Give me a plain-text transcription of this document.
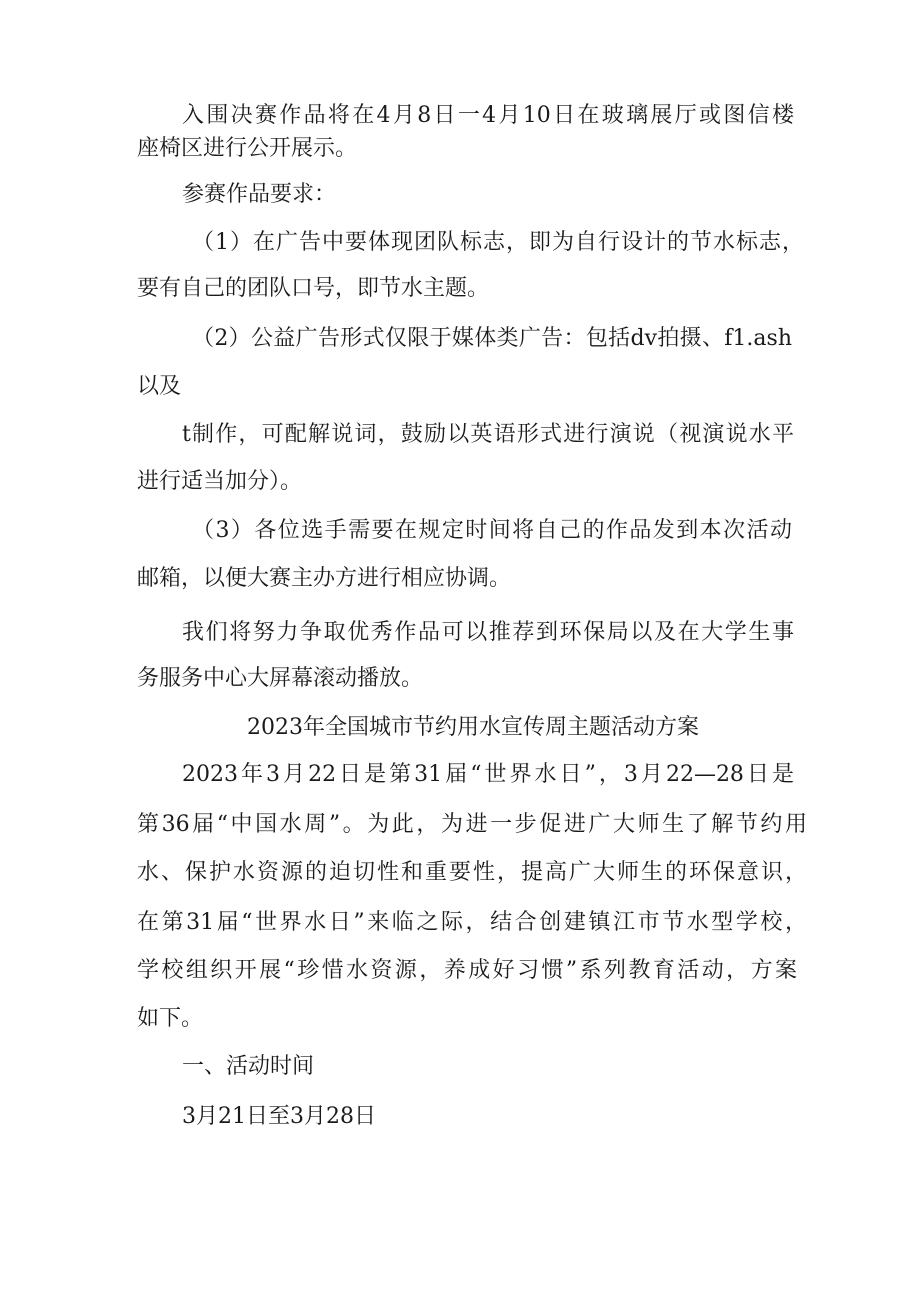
入围决赛作品将在4月8日一4月10日在玻璃展厅或图信楼

座椅区进行公开展示。

参赛作品要求：

（1）在广告中要体现团队标志，即为自行设计的节水标志，

要有自己的团队口号，即节水主题。

（2）公益广告形式仅限于媒体类广告：包括dv拍摄、f1.ash

以及

t制作，可配解说词，鼓励以英语形式进行演说（视演说水平

进行适当加分）。

（3）各位选手需要在规定时间将自己的作品发到本次活动

邮箱，以便大赛主办方进行相应协调。

我们将努力争取优秀作品可以推荐到环保局以及在大学生事

务服务中心大屏幕滚动播放。

2023年全国城市节约用水宣传周主题活动方案

2023年3月22日是第31届“世界水日”，3月22—28日是

第36届“中国水周”。为此，为进一步促进广大师生了解节约用

水、保护水资源的迫切性和重要性，提高广大师生的环保意识，

在第31届“世界水日”来临之际，结合创建镇江市节水型学校，

学校组织开展“珍惜水资源，养成好习惯”系列教育活动，方案

如下。

一、活动时间

3月21日至3月28日
